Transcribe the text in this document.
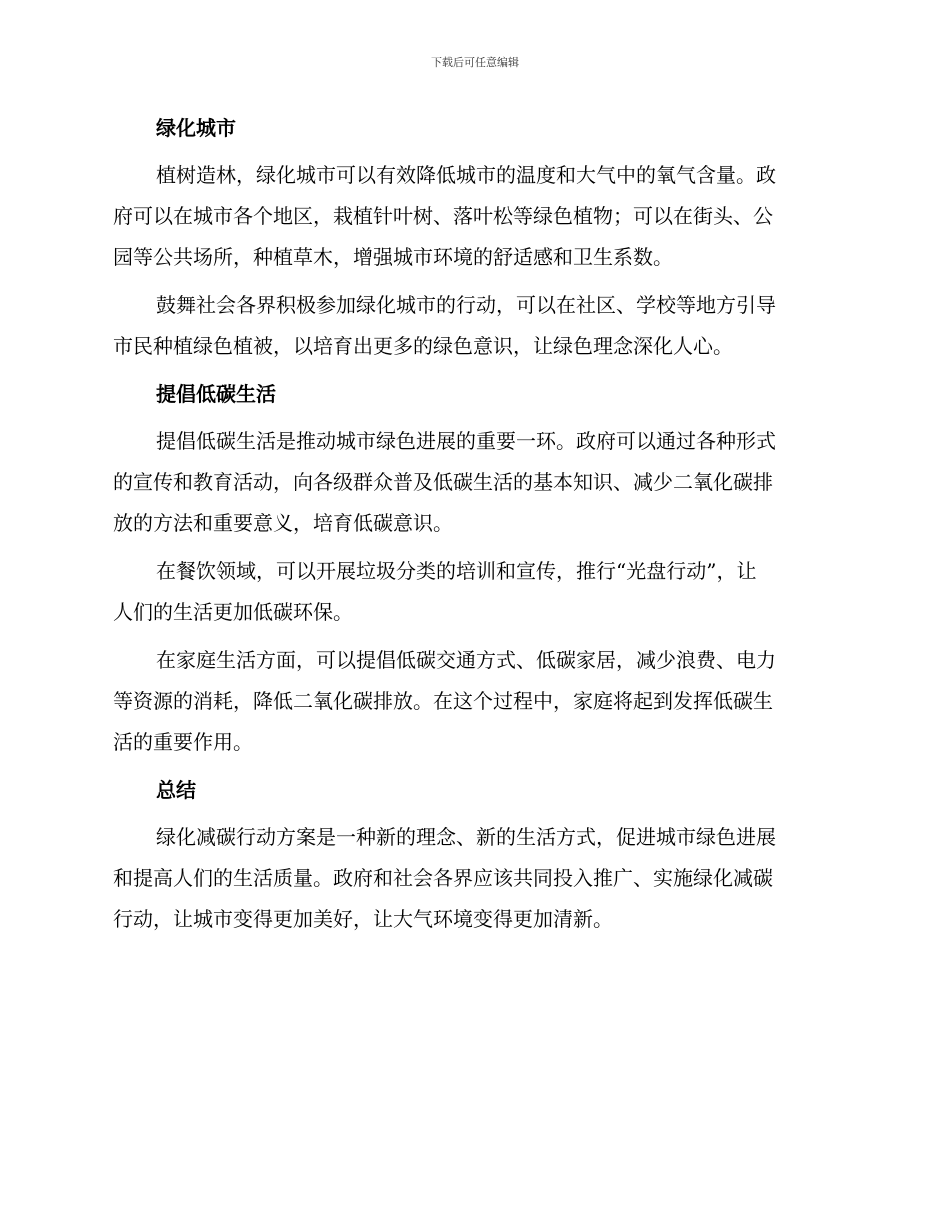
下载后可任意编辑
绿化城市
植树造林，绿化城市可以有效降低城市的温度和大气中的氧气含量。政
府可以在城市各个地区，栽植针叶树、落叶松等绿色植物；可以在街头、公
园等公共场所，种植草木，增强城市环境的舒适感和卫生系数。
鼓舞社会各界积极参加绿化城市的行动，可以在社区、学校等地方引导
市民种植绿色植被，以培育出更多的绿色意识，让绿色理念深化人心。
提倡低碳生活
提倡低碳生活是推动城市绿色进展的重要一环。政府可以通过各种形式
的宣传和教育活动，向各级群众普及低碳生活的基本知识、减少二氧化碳排
放的方法和重要意义，培育低碳意识。
在餐饮领域，可以开展垃圾分类的培训和宣传，推行“光盘行动”，让
人们的生活更加低碳环保。
在家庭生活方面，可以提倡低碳交通方式、低碳家居，减少浪费、电力
等资源的消耗，降低二氧化碳排放。在这个过程中，家庭将起到发挥低碳生
活的重要作用。
总结
绿化减碳行动方案是一种新的理念、新的生活方式，促进城市绿色进展
和提高人们的生活质量。政府和社会各界应该共同投入推广、实施绿化减碳
行动，让城市变得更加美好，让大气环境变得更加清新。
